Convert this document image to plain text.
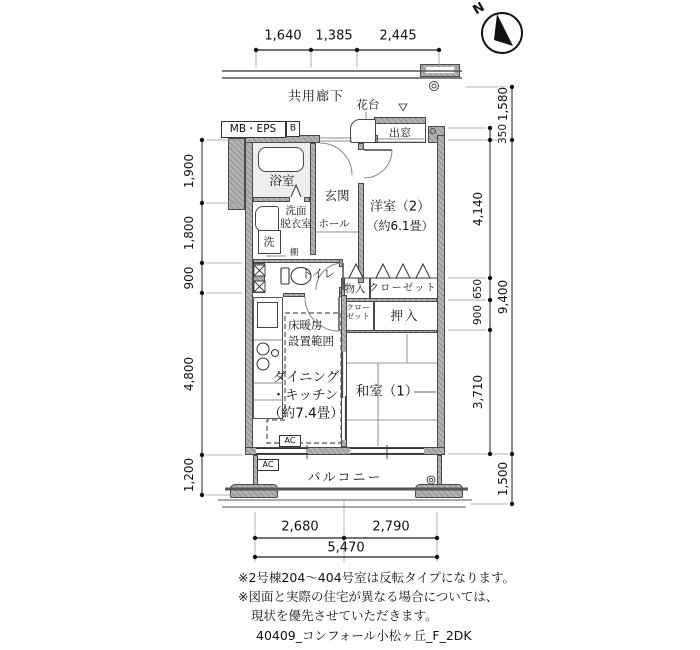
N
1,640 1,385 2,445
共用廊下
MB・EPS B
花台
出窓
浴室
玄関
洋室（2）
（約6.1畳）
洗面
脱衣室 ホール
洗
棚
トイレ
物入 クローゼット
クロー
ゼット 押入
床暖房
設置範囲
ダイニング
・キッチン
（約7.4畳）
和室（1）
AC
AC
バルコニー
1,900
1,800
900
4,800
1,200
350
4,140
650
900
3,710
1,580
9,400
1,500
2,680	2,790
5,470
※2号棟204～404号室は反転タイプになります。
※図面と実際の住宅が異なる場合については、
現状を優先させていただきます。
40409_コンフォール小松ヶ丘_F_2DK
